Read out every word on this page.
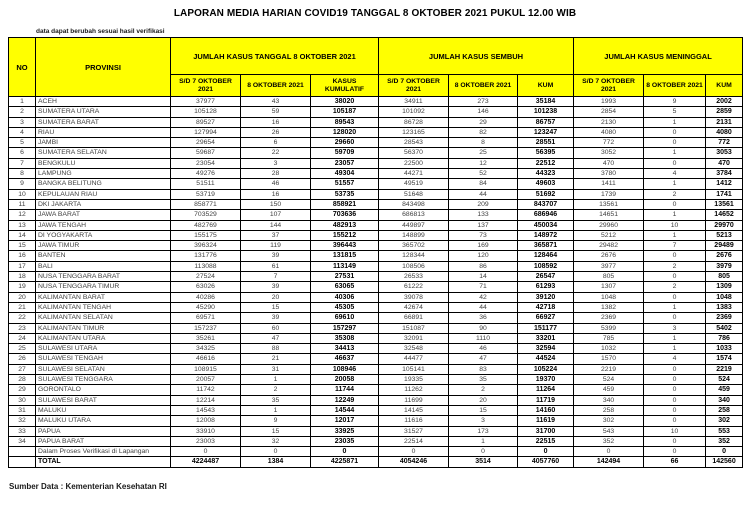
LAPORAN MEDIA HARIAN COVID19 TANGGAL 8 OKTOBER 2021 PUKUL 12.00 WIB
data dapat berubah sesuai hasil verifikasi
NO	PROVINSI	JUMLAH KASUS TANGGAL 8 OKTOBER 2021			JUMLAH KASUS SEMBUH			JUMLAH KASUS MENINGGAL		
		S/D 7 OKTOBER 2021	8 OKTOBER 2021	KASUS KUMULATIF	S/D 7 OKTOBER 2021	8 OKTOBER 2021	KUM	S/D 7 OKTOBER 2021	8 OKTOBER 2021	KUM
1	ACEH	37977	43	38020	34911	273	35184	1993	9	2002
2	SUMATERA UTARA	105128	59	105187	101092	146	101238	2854	5	2859
3	SUMATERA BARAT	89527	16	89543	86728	29	86757	2130	1	2131
4	RIAU	127994	26	128020	123165	82	123247	4080	0	4080
5	JAMBI	29654	6	29660	28543	8	28551	772	0	772
6	SUMATERA SELATAN	59687	22	59709	56370	25	56395	3052	1	3053
7	BENGKULU	23054	3	23057	22500	12	22512	470	0	470
8	LAMPUNG	49276	28	49304	44271	52	44323	3780	4	3784
9	BANGKA BELITUNG	51511	46	51557	49519	84	49603	1411	1	1412
10	KEPULAUAN RIAU	53719	16	53735	51648	44	51692	1739	2	1741
11	DKI JAKARTA	858771	150	858921	843498	209	843707	13561	0	13561
12	JAWA BARAT	703529	107	703636	686813	133	686946	14651	1	14652
13	JAWA TENGAH	482769	144	482913	449897	137	450034	29960	10	29970
14	DI YOGYAKARTA	155175	37	155212	148899	73	148972	5212	1	5213
15	JAWA TIMUR	396324	119	396443	365702	169	365871	29482	7	29489
16	BANTEN	131776	39	131815	128344	120	128464	2676	0	2676
17	BALI	113088	61	113149	108506	86	108592	3977	2	3979
18	NUSA TENGGARA BARAT	27524	7	27531	26533	14	26547	805	0	805
19	NUSA TENGGARA TIMUR	63026	39	63065	61222	71	61293	1307	2	1309
20	KALIMANTAN BARAT	40286	20	40306	39078	42	39120	1048	0	1048
21	KALIMANTAN TENGAH	45290	15	45305	42674	44	42718	1382	1	1383
22	KALIMANTAN SELATAN	69571	39	69610	66891	36	66927	2369	0	2369
23	KALIMANTAN TIMUR	157237	60	157297	151087	90	151177	5399	3	5402
24	KALIMANTAN UTARA	35261	47	35308	32091	1110	33201	785	1	786
25	SULAWESI UTARA	34325	88	34413	32548	46	32594	1032	1	1033
26	SULAWESI TENGAH	46616	21	46637	44477	47	44524	1570	4	1574
27	SULAWESI SELATAN	108915	31	108946	105141	83	105224	2219	0	2219
28	SULAWESI TENGGARA	20057	1	20058	19335	35	19370	524	0	524
29	GORONTALO	11742	2	11744	11262	2	11264	459	0	459
30	SULAWESI BARAT	12214	35	12249	11699	20	11719	340	0	340
31	MALUKU	14543	1	14544	14145	15	14160	258	0	258
32	MALUKU UTARA	12008	9	12017	11616	3	11619	302	0	302
33	PAPUA	33910	15	33925	31527	173	31700	543	10	553
34	PAPUA BARAT	23003	32	23035	22514	1	22515	352	0	352
	Dalam Proses Verifikasi di Lapangan	0	0	0	0	0	0	0	0	0
	TOTAL	4224487	1384	4225871	4054246	3514	4057760	142494	66	142560
Sumber Data : Kementerian Kesehatan RI
